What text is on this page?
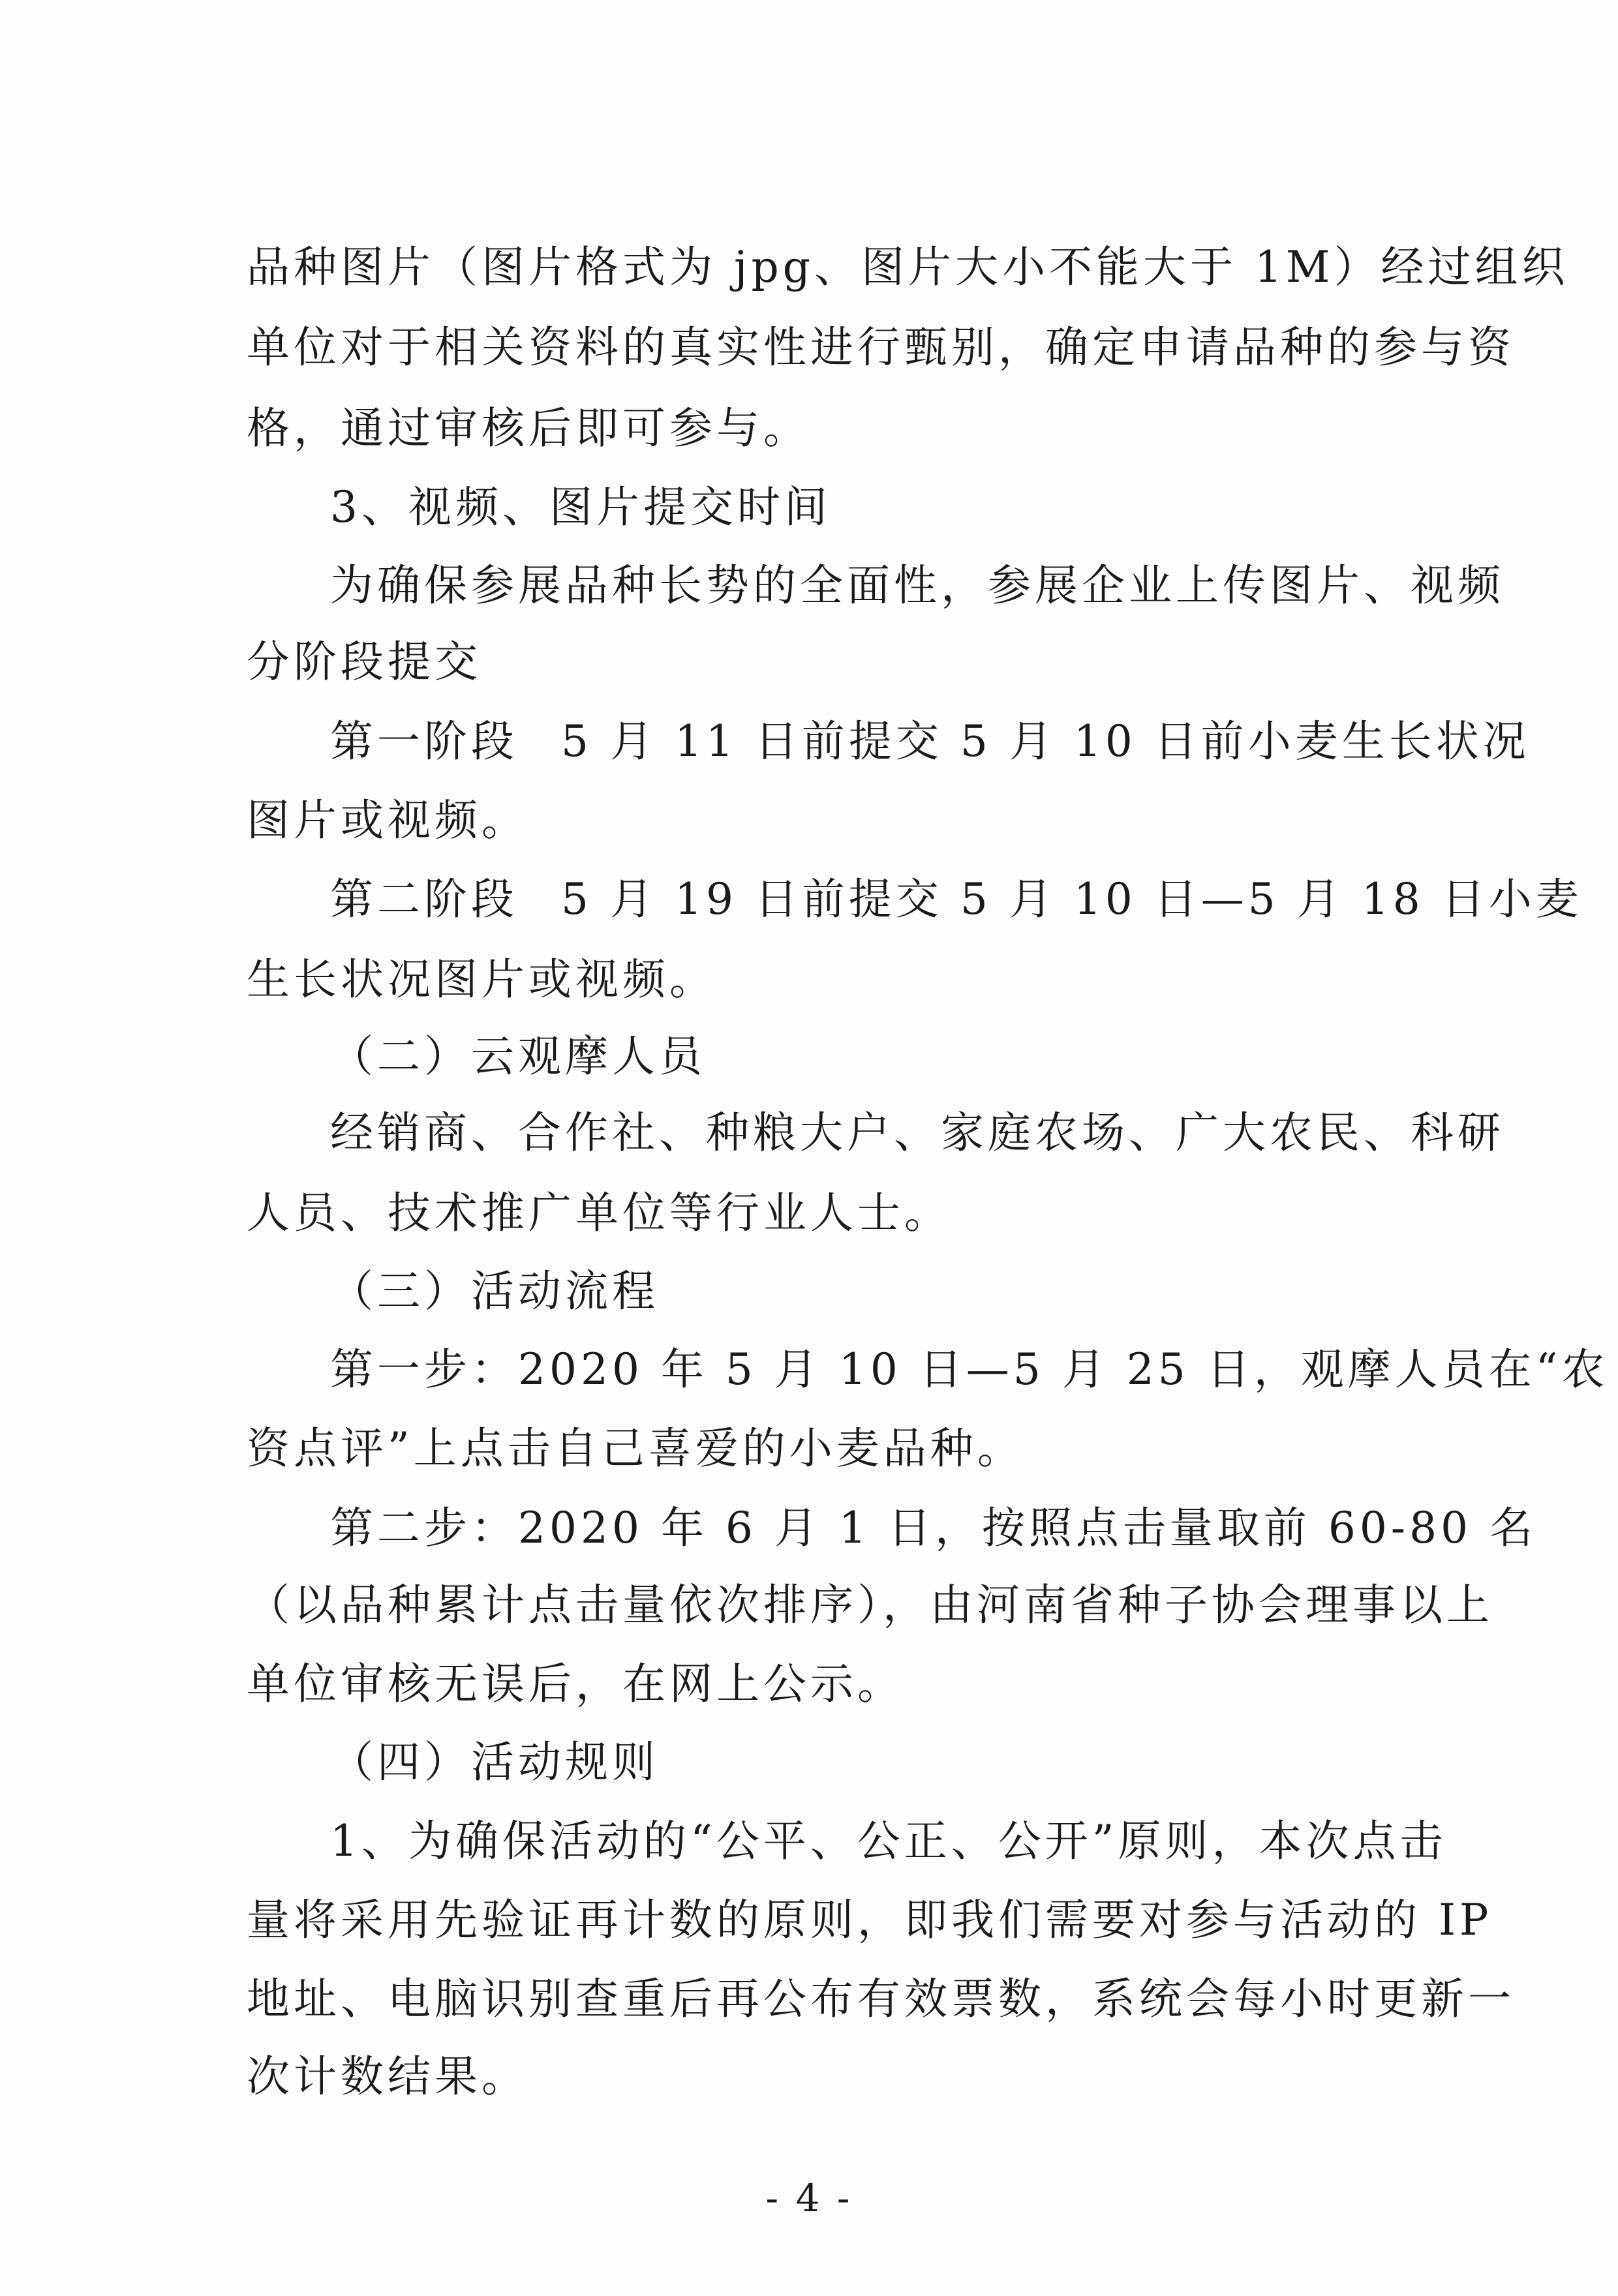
品种图片（图片格式为 jpg、图片大小不能大于 1M）经过组织
单位对于相关资料的真实性进行甄别，确定申请品种的参与资
格，通过审核后即可参与。
3、视频、图片提交时间
为确保参展品种长势的全面性，参展企业上传图片、视频
分阶段提交
第一阶段 5 月 11 日前提交 5 月 10 日前小麦生长状况
图片或视频。
第二阶段 5 月 19 日前提交 5 月 10 日—5 月 18 日小麦
生长状况图片或视频。
（二）云观摩人员
经销商、合作社、种粮大户、家庭农场、广大农民、科研
人员、技术推广单位等行业人士。
（三）活动流程
第一步：2020 年 5 月 10 日—5 月 25 日，观摩人员在“农
资点评”上点击自己喜爱的小麦品种。
第二步：2020 年 6 月 1 日，按照点击量取前 60-80 名
（以品种累计点击量依次排序），由河南省种子协会理事以上
单位审核无误后，在网上公示。
（四）活动规则
1、为确保活动的“公平、公正、公开”原则，本次点击
量将采用先验证再计数的原则，即我们需要对参与活动的 IP
地址、电脑识别查重后再公布有效票数，系统会每小时更新一
次计数结果。
- 4 -
